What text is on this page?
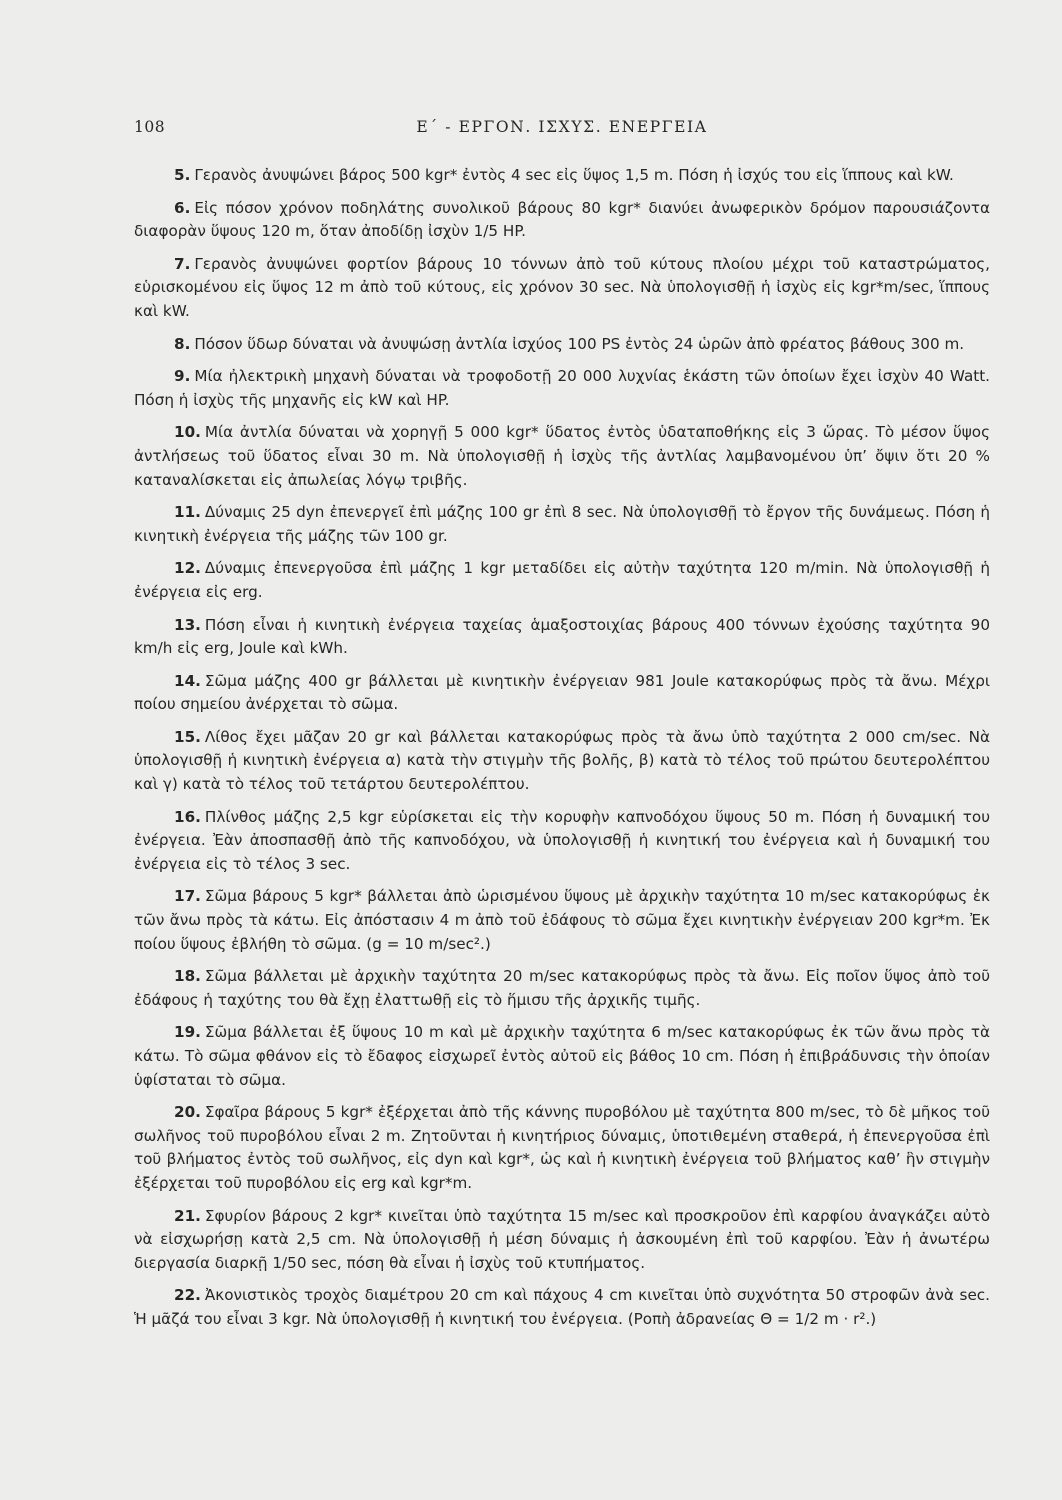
108	Ε΄ - ΕΡΓΟΝ. ΙΣΧΥΣ. ΕΝΕΡΓΕΙΑ

5. Γερανὸς ἀνυψώνει βάρος 500 kgr* ἐντὸς 4 sec εἰς ὕψος 1,5 m. Πόση ἡ ἰσχύς του εἰς ἵππους καὶ kW.

6. Εἰς πόσον χρόνον ποδηλάτης συνολικοῦ βάρους 80 kgr* διανύει ἀνωφερικὸν δρόμον παρουσιάζοντα διαφορὰν ὕψους 120 m, ὅταν ἀποδίδῃ ἰσχὺν 1/5 HP.

7. Γερανὸς ἀνυψώνει φορτίον βάρους 10 τόννων ἀπὸ τοῦ κύτους πλοίου μέχρι τοῦ καταστρώματος, εὑρισκομένου εἰς ὕψος 12 m ἀπὸ τοῦ κύτους, εἰς χρόνον 30 sec. Νὰ ὑπολογισθῇ ἡ ἰσχὺς εἰς kgr*m/sec, ἵππους καὶ kW.

8. Πόσον ὕδωρ δύναται νὰ ἀνυψώσῃ ἀντλία ἰσχύος 100 PS ἐντὸς 24 ὡρῶν ἀπὸ φρέατος βάθους 300 m.

9. Μία ἠλεκτρικὴ μηχανὴ δύναται νὰ τροφοδοτῇ 20 000 λυχνίας ἑκάστη τῶν ὁποίων ἔχει ἰσχὺν 40 Watt. Πόση ἡ ἰσχὺς τῆς μηχανῆς εἰς kW καὶ HP.

10. Μία ἀντλία δύναται νὰ χορηγῇ 5 000 kgr* ὕδατος ἐντὸς ὑδαταποθήκης εἰς 3 ὥρας. Τὸ μέσον ὕψος ἀντλήσεως τοῦ ὕδατος εἶναι 30 m. Νὰ ὑπολογισθῇ ἡ ἰσχὺς τῆς ἀντλίας λαμβανομένου ὑπ’ ὄψιν ὅτι 20 % καταναλίσκεται εἰς ἀπωλείας λόγῳ τριβῆς.

11. Δύναμις 25 dyn ἐπενεργεῖ ἐπὶ μάζης 100 gr ἐπὶ 8 sec. Νὰ ὑπολογισθῇ τὸ ἔργον τῆς δυνάμεως. Πόση ἡ κινητικὴ ἐνέργεια τῆς μάζης τῶν 100 gr.

12. Δύναμις ἐπενεργοῦσα ἐπὶ μάζης 1 kgr μεταδίδει εἰς αὐτὴν ταχύτητα 120 m/min. Νὰ ὑπολογισθῇ ἡ ἐνέργεια εἰς erg.

13. Πόση εἶναι ἡ κινητικὴ ἐνέργεια ταχείας ἁμαξοστοιχίας βάρους 400 τόννων ἐχούσης ταχύτητα 90 km/h εἰς erg, Joule καὶ kWh.

14. Σῶμα μάζης 400 gr βάλλεται μὲ κινητικὴν ἐνέργειαν 981 Joule κατακορύφως πρὸς τὰ ἄνω. Μέχρι ποίου σημείου ἀνέρχεται τὸ σῶμα.

15. Λίθος ἔχει μᾶζαν 20 gr καὶ βάλλεται κατακορύφως πρὸς τὰ ἄνω ὑπὸ ταχύτητα 2 000 cm/sec. Νὰ ὑπολογισθῇ ἡ κινητικὴ ἐνέργεια α) κατὰ τὴν στιγμὴν τῆς βολῆς, β) κατὰ τὸ τέλος τοῦ πρώτου δευτερολέπτου καὶ γ) κατὰ τὸ τέλος τοῦ τετάρτου δευτερολέπτου.

16. Πλίνθος μάζης 2,5 kgr εὑρίσκεται εἰς τὴν κορυφὴν καπνοδόχου ὕψους 50 m. Πόση ἡ δυναμική του ἐνέργεια. Ἐὰν ἀποσπασθῇ ἀπὸ τῆς καπνοδόχου, νὰ ὑπολογισθῇ ἡ κινητική του ἐνέργεια καὶ ἡ δυναμική του ἐνέργεια εἰς τὸ τέλος 3 sec.

17. Σῶμα βάρους 5 kgr* βάλλεται ἀπὸ ὡρισμένου ὕψους μὲ ἀρχικὴν ταχύτητα 10 m/sec κατακορύφως ἐκ τῶν ἄνω πρὸς τὰ κάτω. Εἰς ἀπόστασιν 4 m ἀπὸ τοῦ ἐδάφους τὸ σῶμα ἔχει κινητικὴν ἐνέργειαν 200 kgr*m. Ἐκ ποίου ὕψους ἐβλήθη τὸ σῶμα. (g = 10 m/sec².)

18. Σῶμα βάλλεται μὲ ἀρχικὴν ταχύτητα 20 m/sec κατακορύφως πρὸς τὰ ἄνω. Εἰς ποῖον ὕψος ἀπὸ τοῦ ἐδάφους ἡ ταχύτης του θὰ ἔχῃ ἐλαττωθῇ εἰς τὸ ἥμισυ τῆς ἀρχικῆς τιμῆς.

19. Σῶμα βάλλεται ἐξ ὕψους 10 m καὶ μὲ ἀρχικὴν ταχύτητα 6 m/sec κατακορύφως ἐκ τῶν ἄνω πρὸς τὰ κάτω. Τὸ σῶμα φθάνον εἰς τὸ ἔδαφος εἰσχωρεῖ ἐντὸς αὐτοῦ εἰς βάθος 10 cm. Πόση ἡ ἐπιβράδυνσις τὴν ὁποίαν ὑφίσταται τὸ σῶμα.

20. Σφαῖρα βάρους 5 kgr* ἐξέρχεται ἀπὸ τῆς κάννης πυροβόλου μὲ ταχύτητα 800 m/sec, τὸ δὲ μῆκος τοῦ σωλῆνος τοῦ πυροβόλου εἶναι 2 m. Ζητοῦνται ἡ κινητήριος δύναμις, ὑποτιθεμένη σταθερά, ἡ ἐπενεργοῦσα ἐπὶ τοῦ βλήματος ἐντὸς τοῦ σωλῆνος, εἰς dyn καὶ kgr*, ὡς καὶ ἡ κινητικὴ ἐνέργεια τοῦ βλήματος καθ’ ἣν στιγμὴν ἐξέρχεται τοῦ πυροβόλου εἰς erg καὶ kgr*m.

21. Σφυρίον βάρους 2 kgr* κινεῖται ὑπὸ ταχύτητα 15 m/sec καὶ προσκροῦον ἐπὶ καρφίου ἀναγκάζει αὐτὸ νὰ εἰσχωρήσῃ κατὰ 2,5 cm. Νὰ ὑπολογισθῇ ἡ μέση δύναμις ἡ ἀσκουμένη ἐπὶ τοῦ καρφίου. Ἐὰν ἡ ἀνωτέρω διεργασία διαρκῇ 1/50 sec, πόση θὰ εἶναι ἡ ἰσχὺς τοῦ κτυπήματος.

22. Ἀκονιστικὸς τροχὸς διαμέτρου 20 cm καὶ πάχους 4 cm κινεῖται ὑπὸ συχνότητα 50 στροφῶν ἀνὰ sec. Ἡ μᾶζά του εἶναι 3 kgr. Νὰ ὑπολογισθῇ ἡ κινητική του ἐνέργεια. (Ροπὴ ἀδρανείας Θ = 1/2 m · r².)
